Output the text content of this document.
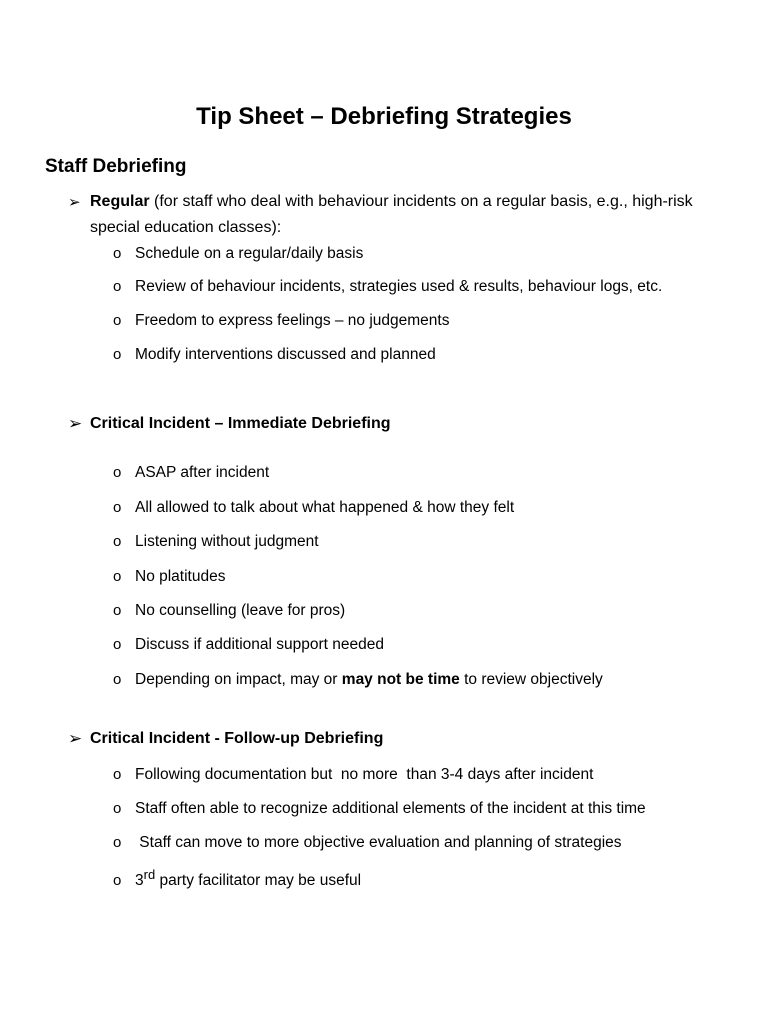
Tip Sheet – Debriefing Strategies
Staff Debriefing
➢ Regular (for staff who deal with behaviour incidents on a regular basis, e.g., high-risk special education classes):
o Schedule on a regular/daily basis
o Review of behaviour incidents, strategies used & results, behaviour logs, etc.
o Freedom to express feelings – no judgements
o Modify interventions discussed and planned
➢ Critical Incident – Immediate Debriefing
o ASAP after incident
o All allowed to talk about what happened & how they felt
o Listening without judgment
o No platitudes
o No counselling (leave for pros)
o Discuss if additional support needed
o Depending on impact, may or may not be time to review objectively
➢ Critical Incident - Follow-up Debriefing
o Following documentation but  no more  than 3-4 days after incident
o Staff often able to recognize additional elements of the incident at this time
o Staff can move to more objective evaluation and planning of strategies
o 3rd party facilitator may be useful
